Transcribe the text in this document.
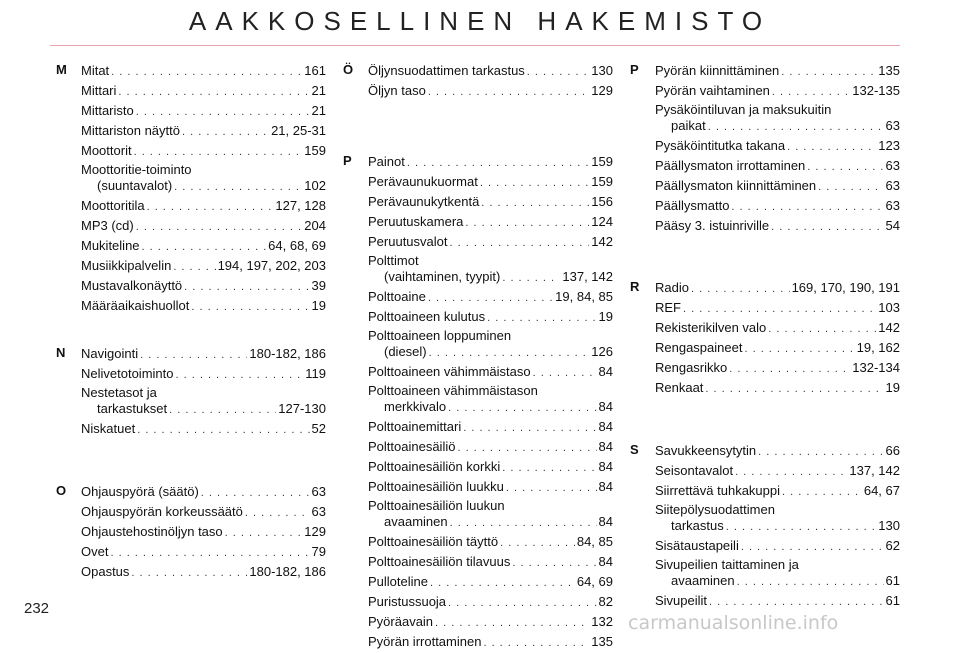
AAKKOSELLINEN HAKEMISTO
M	Mitat . . .	161
Mittari . . .	21
Mittaristo . . .	21
Mittariston näyttö . . .	21, 25-31
Moottorit . . .	159
Moottoritie-toiminto
(suuntavalot) . . .	102
Moottoritila . . .	127, 128
MP3 (cd) . . .	204
Mukiteline . . .	64, 68, 69
Musiikkipalvelin . . .	194, 197, 202, 203
Mustavalkonäyttö . . .	39
Määräaikaishuollot . . .	19
N	Navigointi . . .	180-182, 186
Nelivetotoiminto . . .	119
Nestetasot ja
tarkastukset . . .	127-130
Niskatuet . . .	52
O	Ohjauspyörä (säätö) . . .	63
Ohjauspyörän korkeussäätö . . .	63
Ohjaustehostinöljyn taso . . .	129
Ovet . . .	79
Opastus . . .	180-182, 186
Ö	Öljynsuodattimen tarkastus . . .	130
Öljyn taso . . .	129
P	Painot . . .	159
Perävaunukuormat . . .	159
Perävaunukytkentä . . .	156
Peruutuskamera . . .	124
Peruutusvalot . . .	142
Polttimot
(vaihtaminen, tyypit) . . .	137, 142
Polttoaine . . .	19, 84, 85
Polttoaineen kulutus . . .	19
Polttoaineen loppuminen
(diesel) . . .	126
Polttoaineen vähimmäistaso . . .	84
Polttoaineen vähimmäistason
merkkivalo . . .	84
Polttoainemittari . . .	84
Polttoainesäiliö . . .	84
Polttoainesäiliön korkki . . .	84
Polttoainesäiliön luukku . . .	84
Polttoainesäiliön luukun
avaaminen . . .	84
Polttoainesäiliön täyttö . . .	84, 85
Polttoainesäiliön tilavuus . . .	84
Pulloteline . . .	64, 69
Puristussuoja . . .	82
Pyöräavain . . .	132
Pyörän irrottaminen . . .	135
P	Pyörän kiinnittäminen . . .	135
Pyörän vaihtaminen . . .	132-135
Pysäköintiluvan ja maksukuitin
paikat . . .	63
Pysäköintitutka takana . . .	123
Päällysmaton irrottaminen . . .	63
Päällysmaton kiinnittäminen . . .	63
Päällysmatto . . .	63
Pääsy 3. istuinriville . . .	54
R	Radio . . .	169, 170, 190, 191
REF . . .	103
Rekisterikilven valo . . .	142
Rengaspaineet . . .	19, 162
Rengasrikko . . .	132-134
Renkaat . . .	19
S	Savukkeensytytin . . .	66
Seisontavalot . . .	137, 142
Siirrettävä tuhkakuppi . . .	64, 67
Siitepölysuodattimen
tarkastus . . .	130
Sisätaustapeili . . .	62
Sivupeilien taittaminen ja
avaaminen . . .	61
Sivupeilit . . .	61
232
carmanualsonline.info
